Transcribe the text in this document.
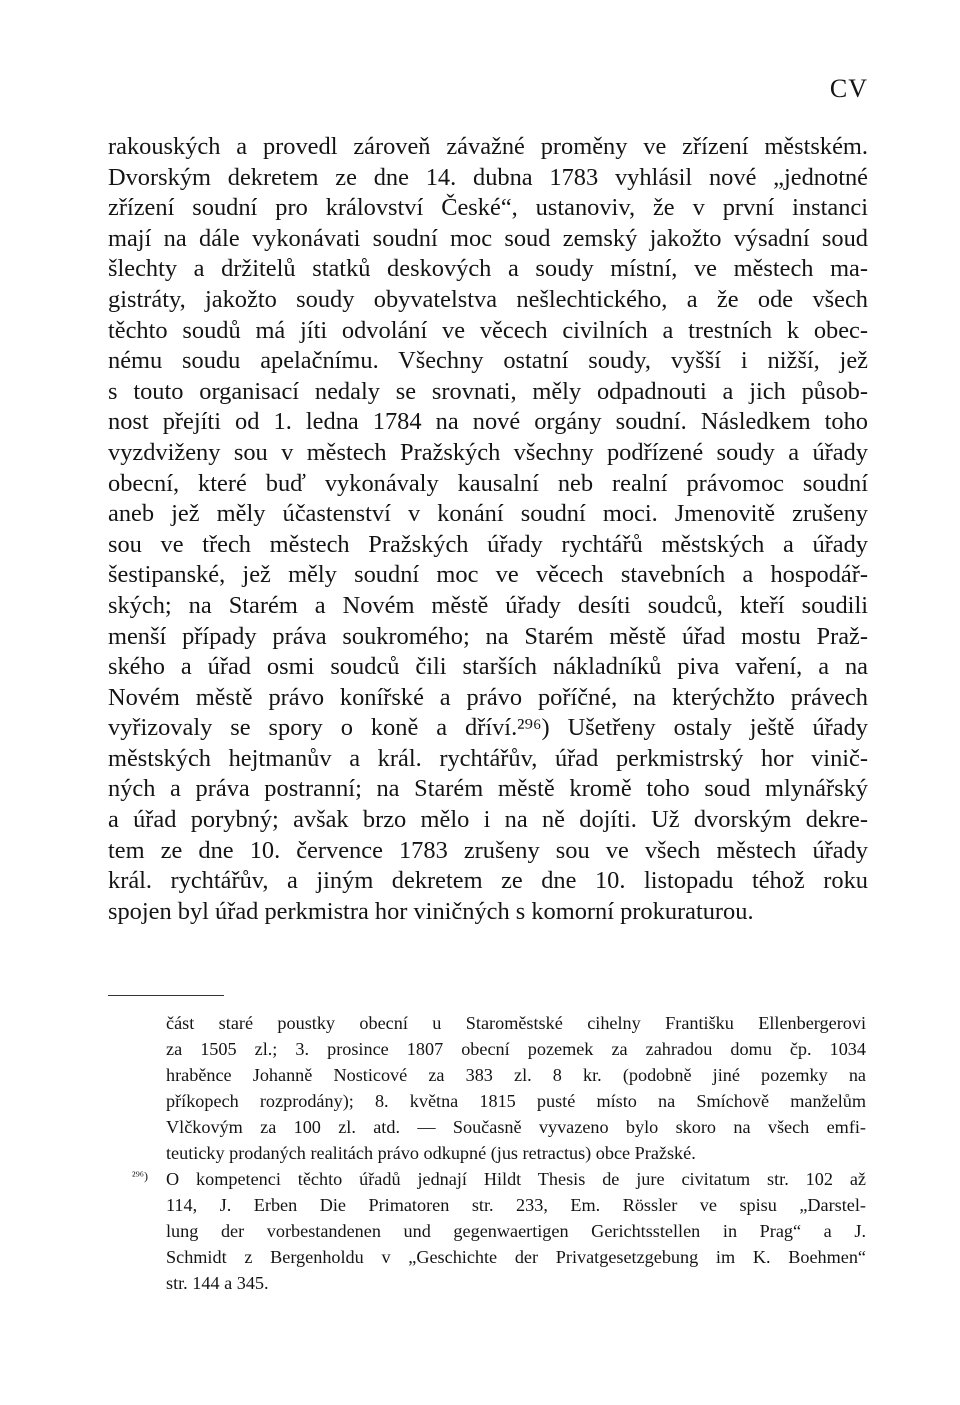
CV
rakouských a provedl zároveň závažné proměny ve zřízení městském.
Dvorským dekretem ze dne 14. dubna 1783 vyhlásil nové „jednotné
zřízení soudní pro království České“, ustanoviv, že v první instanci
mají na dále vykonávati soudní moc soud zemský jakožto výsadní soud
šlechty a držitelů statků deskových a soudy místní, ve městech ma-
gistráty, jakožto soudy obyvatelstva nešlechtického, a že ode všech
těchto soudů má jíti odvolání ve věcech civilních a trestních k obec-
nému soudu apelačnímu. Všechny ostatní soudy, vyšší i nižší, jež
s touto organisací nedaly se srovnati, měly odpadnouti a jich působ-
nost přejíti od 1. ledna 1784 na nové orgány soudní. Následkem toho
vyzdviženy sou v městech Pražských všechny podřízené soudy a úřady
obecní, které buď vykonávaly kausalní neb realní právomoc soudní
aneb jež měly účastenství v konání soudní moci. Jmenovitě zrušeny
sou ve třech městech Pražských úřady rychtářů městských a úřady
šestipanské, jež měly soudní moc ve věcech stavebních a hospodář-
ských; na Starém a Novém městě úřady desíti soudců, kteří soudili
menší případy práva soukromého; na Starém městě úřad mostu Praž-
ského a úřad osmi soudců čili starších nákladníků piva vaření, a na
Novém městě právo konířské a právo poříčné, na kterýchžto právech
vyřizovaly se spory o koně a dříví.²⁹⁶) Ušetřeny ostaly ještě úřady
městských hejtmanův a král. rychtářův, úřad perkmistrský hor vinič-
ných a práva postranní; na Starém městě kromě toho soud mlynářský
a úřad porybný; avšak brzo mělo i na ně dojíti. Už dvorským dekre-
tem ze dne 10. července 1783 zrušeny sou ve všech městech úřady
král. rychtářův, a jiným dekretem ze dne 10. listopadu téhož roku
spojen byl úřad perkmistra hor viničných s komorní prokuraturou.
část staré poustky obecní u Staroměstské cihelny Františku Ellenbergerovi
za 1505 zl.; 3. prosince 1807 obecní pozemek za zahradou domu čp. 1034
hraběnce Johanně Nosticové za 383 zl. 8 kr. (podobně jiné pozemky na
příkopech rozprodány); 8. května 1815 pusté místo na Smíchově manželům
Vlčkovým za 100 zl. atd. — Současně vyvazeno bylo skoro na všech emfi-
teuticky prodaných realitách právo odkupné (jus retractus) obce Pražské.
²⁹⁶) O kompetenci těchto úřadů jednají Hildt Thesis de jure civitatum str. 102 až
114, J. Erben Die Primatoren str. 233, Em. Rössler ve spisu „Darstel-
lung der vorbestandenen und gegenwaertigen Gerichtsstellen in Prag“ a J.
Schmidt z Bergenholdu v „Geschichte der Privatgesetzgebung im K. Boehmen“
str. 144 a 345.
